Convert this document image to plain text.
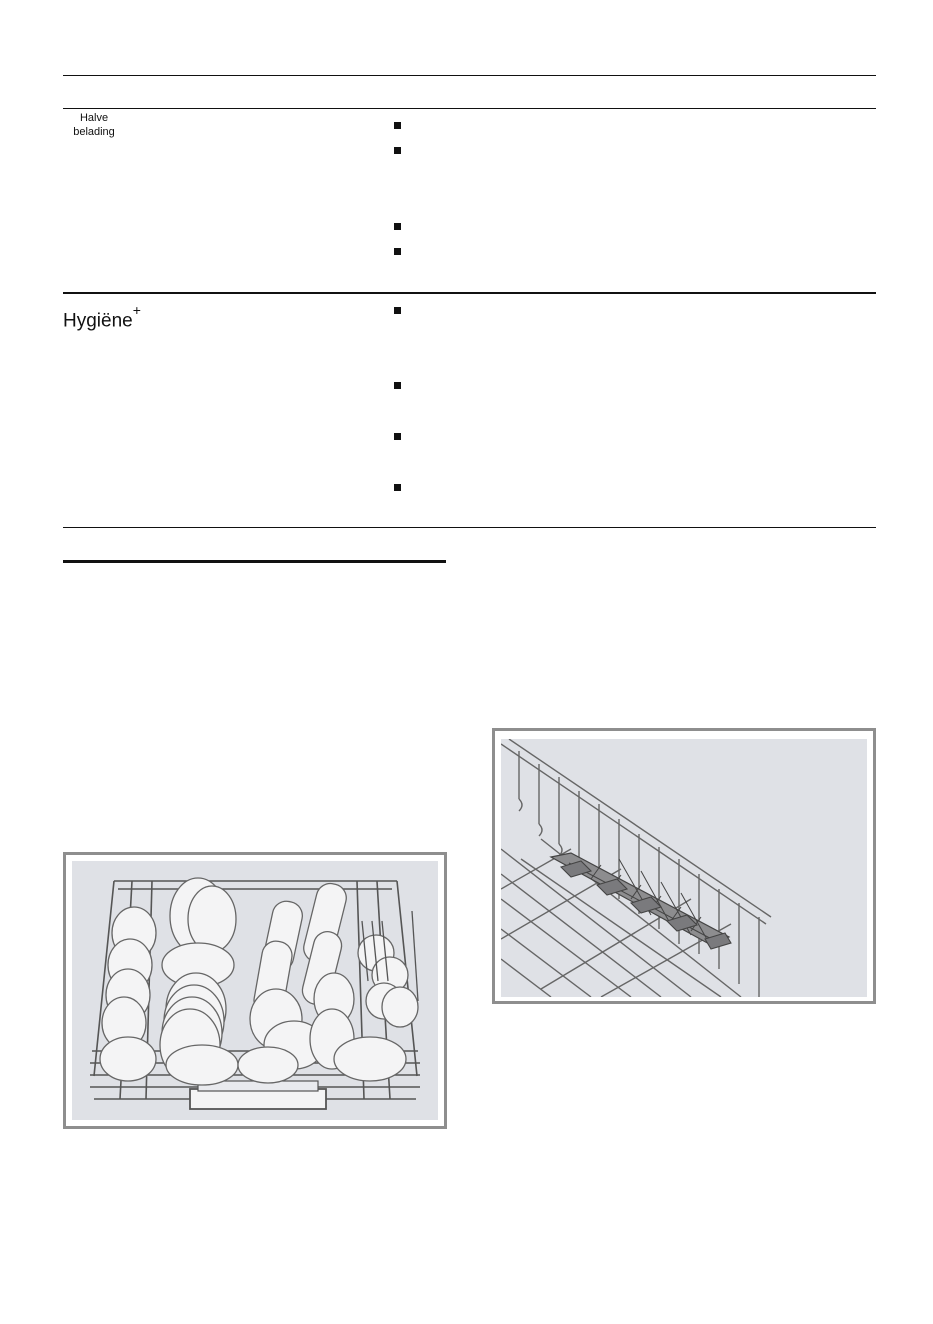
Halve
belading
Hygiëne+
